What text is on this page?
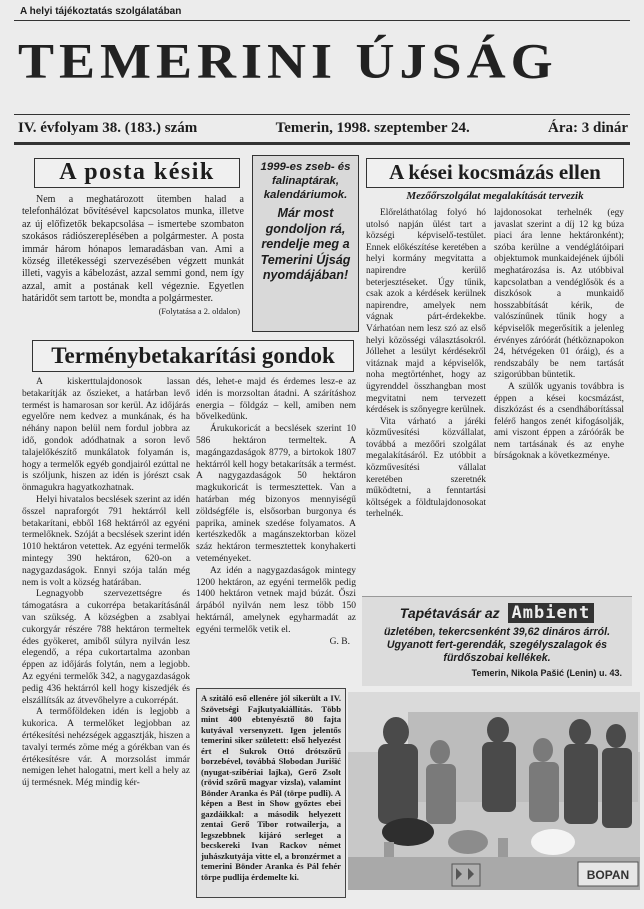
A helyi tájékoztatás szolgálatában
TEMERINI ÚJSÁG
IV. évfolyam 38. (183.) szám	Temerin, 1998. szeptember 24.	Ára: 3 dinár
A posta késik

Nem a meghatározott ütemben halad a telefonhálózat bővítésével kapcsolatos munka, illetve az új előfizetők bekapcsolása – ismertebe szombaton szokásos rádiószereplésében a polgármester. A posta immár három hónapos lemaradásban van. Ami a község illetékességi szervezésében végzett munkát illeti, vagyis a kábelozást, azzal semmi gond, nem így azzal, amit a postának kell végeznie. Egyetlen határidőt sem tartott be, mondta a polgármester.

(Folytatása a 2. oldalon)
1999-es zseb- és falinaptárak, kalendáriumok.
Már most gondoljon rá, rendelje meg a Temerini Újság nyomdájában!
A kései kocsmázás ellen
Mezőőrszolgálat megalakítását tervezik

Előreláthatólag folyó hó utolsó napján ülést tart a községi képviselő-testület. Ennek előkészítése keretében a helyi kormány megvitatta a napirendre kerülő beterjesztéseket. Úgy tűnik, csak azok a kérdések kerülnek napirendre, amelyek nem vágnak párt-érdekekbe. Várhatóan nem lesz szó az első helyi közösségi választásokról. Jóllehet a lesúlyt kérdésekről vitáznak majd a képviselők, noha megtörténhet, hogy az ügyrenddel összhangban most megvitatni nem tervezett kérdések is szőnyegre kerülnek.

Vita várható a járéki közművesítési közvállalat, továbbá a mezőőri szolgálat megalakításáról. Ez utóbbit a közművesítési vállalat keretében szeretnék működtetni, a fenntartási költségek a földtulajdonosokat terhelnék.

lajdonosokat terhelnék (egy javaslat szerint a díj 12 kg búza piaci ára lenne hektáronként); szóba kerülne a vendéglátóipari objektumok munkaidejének újbóli meghatározása is. Az utóbbival kapcsolatban a vendéglősök és a diszkósok a munkaidő hosszabbítását kérik, de valószínűnek tűnik hogy a képviselők megerősítik a jelenleg érvényes záróórát (hétköznapokon 24, hétvégeken 01 óráig), és a rendszabály be nem tartását szigorúbban büntetik.

A szülők ugyanis továbbra is éppen a kései kocsmázást, diszkózást és a csendháborítással felérő hangos zenét kifogásolják, ami viszont éppen a záróórák be nem tartásának és az enyhe bírságoknak a következménye.

Terménybetakarítási gondok

A kiskerttulajdonosok lassan betakarítják az őszieket, a határban levő termést is hamarosan sor kerül. Az időjárás egyelőre nem kedvez a munkának, és ha néhány napon belül nem fordul jobbra az idő, gondok adódhatnak a soron levő talajelőkészítő munkálatok folyamán is, hogy a termelők egyéb gondjairól ezúttal ne is szóljunk, hiszen az idén is jórészt csak önmagukra hagyatkozhatnak.

Helyi hivatalos becslések szerint az idén ősszel napraforgót 791 hektárról kell betakarítani, ebből 168 hektárról az egyéni termelőknek. Szóját a becslések szerint idén 1010 hektáron vetettek. Az egyéni termelők mintegy 390 hektáron, 620-on a nagygazdaságok. Ennyi szója talán még nem is volt a község határában.

Legnagyobb szervezettségre és támogatásra a cukorrépa betakarításánál van szükség. A községben a zsablyai cukorgyár részére 788 hektáron termeltek édes gyökeret, amiből súlyra nyilván lesz elegendő, a répa cukortartalma azonban éppen az időjárás folytán, nem a legjobb. Az egyéni termelők 342, a nagygazdaságok pedig 436 hektárról kell hogy kiszedjék és elszállítsák az átvevőhelyre a cukorrépát.

A termőföldeken idén is legjobb a kukorica. A termelőket legjobban az értékesítési nehézségek aggasztják, hiszen a tavalyi termés zöme még a górékban van és értékesítésre vár. A morzsolást immár nemigen lehet halogatni, mert kell a hely az új termésnek. Még mindig kér-

dés, lehet-e majd és érdemes lesz-e az idén is morzsoltan átadni. A szárításhoz energia – földgáz – kell, amiben nem bővelkedünk.

Árukukoricát a becslések szerint 10 586 hektáron termeltek. A magángazdaságok 8779, a birtokok 1807 hektárról kell hogy betakarítsák a termést. A nagygazdaságok 50 hektáron magkukoricát is termesztettek. Van a határban még bizonyos mennyiségű zöldségféle is, elsősorban burgonya és paprika, aminek szedése folyamatos. A kertészkedők a magánszektorban közel száz hektáron termesztettek konyhakerti veteményeket.

Az idén a nagygazdaságok mintegy 1200 hektáron, az egyéni termelők pedig 1400 hektáron vetnek majd búzát. Őszi árpából nyilván nem lesz több 150 hektárnál, amelynek egyharmadát az egyéni termelők vetik el.

G. B.
Tapétavásár az Ambient
üzletében, tekercsenként 39,62 dináros árról. Ugyanott fert-gerendák, szegélyszalagok és fürdőszobai kellékek.
Temerin, Nikola Pašić (Lenin) u. 43.
A szitáló eső ellenére jól sikerült a IV. Szövetségi Fajkutyakiállítás. Több mint 400 ebtenyésztő 80 fajta kutyával versenyzett. Igen jelentős temerini siker született: első helyezést ért el Sukrok Ottó drótszőrű borzebével, továbbá Slobodan Jurišić (nyugat-szibériai lajka), Gerő Zsolt (rövid szőrű magyar vizsla), valamint Bönder Aranka és Pál (törpe pudli). A képen a Best in Show győztes ebei gazdáikkal: a második helyezett zentai Gerő Tibor rotwailerja, a legszebbnek kijáró serleget a becskereki Ivan Rackov német juhászkutyája vitte el, a bronzérmet a temerini Bönder Aranka és Pál fehér törpe pudlija érdemelte ki.	BOPAN
